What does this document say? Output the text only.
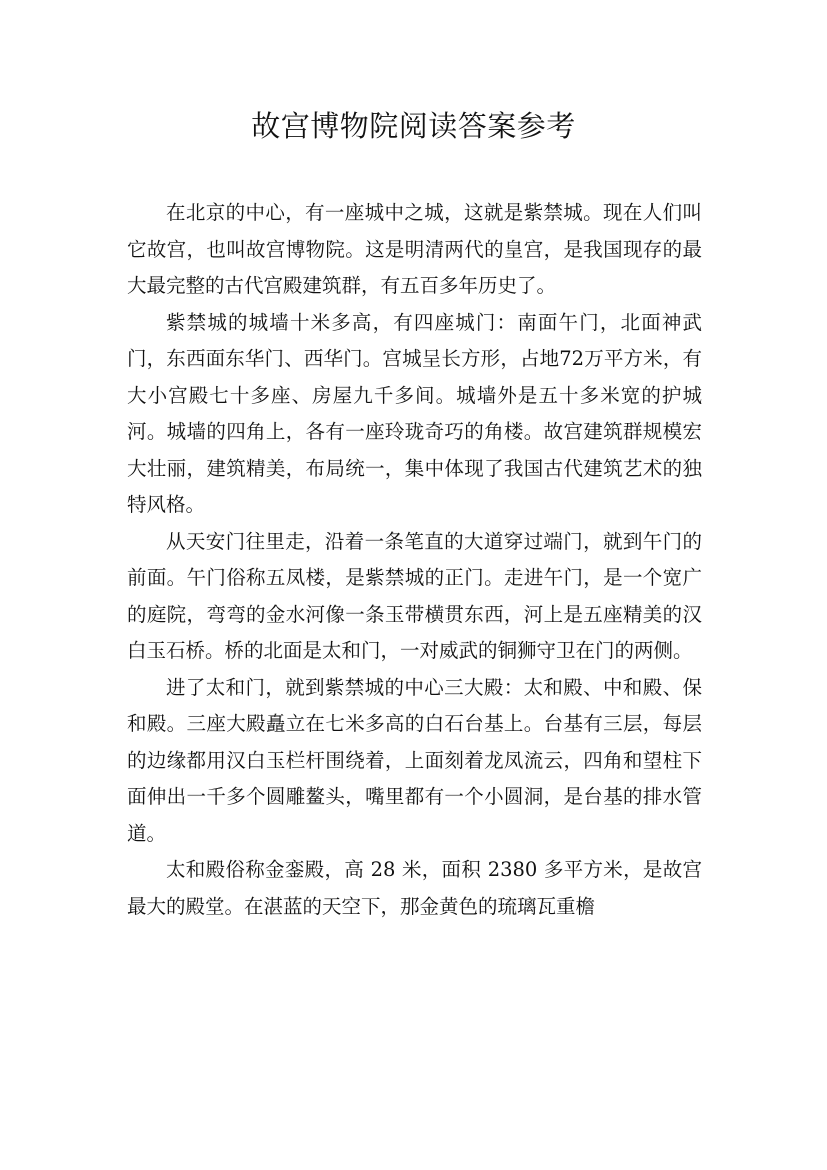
故宫博物院阅读答案参考

在北京的中心，有一座城中之城，这就是紫禁城。现在人们叫它故宫，也叫故宫博物院。这是明清两代的皇宫，是我国现存的最大最完整的古代宫殿建筑群，有五百多年历史了。

紫禁城的城墙十米多高，有四座城门：南面午门，北面神武门，东西面东华门、西华门。宫城呈长方形，占地72万平方米，有大小宫殿七十多座、房屋九千多间。城墙外是五十多米宽的护城河。城墙的四角上，各有一座玲珑奇巧的角楼。故宫建筑群规模宏大壮丽，建筑精美，布局统一，集中体现了我国古代建筑艺术的独特风格。

从天安门往里走，沿着一条笔直的大道穿过端门，就到午门的前面。午门俗称五凤楼，是紫禁城的正门。走进午门，是一个宽广的庭院，弯弯的金水河像一条玉带横贯东西，河上是五座精美的汉白玉石桥。桥的北面是太和门，一对威武的铜狮守卫在门的两侧。

进了太和门，就到紫禁城的中心三大殿：太和殿、中和殿、保和殿。三座大殿矗立在七米多高的白石台基上。台基有三层，每层的边缘都用汉白玉栏杆围绕着，上面刻着龙凤流云，四角和望柱下面伸出一千多个圆雕鳌头，嘴里都有一个小圆洞，是台基的排水管道。

太和殿俗称金銮殿，高 28 米，面积 2380 多平方米，是故宫最大的殿堂。在湛蓝的天空下，那金黄色的琉璃瓦重檐
